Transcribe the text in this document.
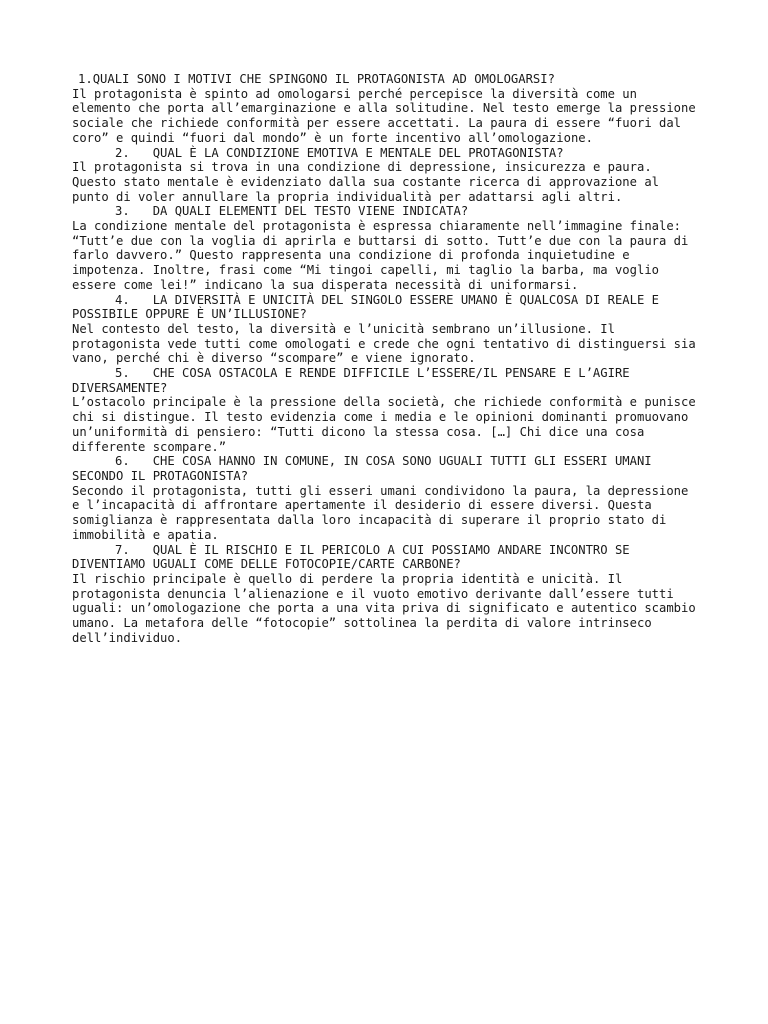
1.QUALI SONO I MOTIVI CHE SPINGONO IL PROTAGONISTA AD OMOLOGARSI?

Il protagonista è spinto ad omologarsi perché percepisce la diversità come un elemento che porta all’emarginazione e alla solitudine. Nel testo emerge la pressione sociale che richiede conformità per essere accettati. La paura di essere “fuori dal coro” e quindi “fuori dal mondo” è un forte incentivo all’omologazione.

2. QUAL È LA CONDIZIONE EMOTIVA E MENTALE DEL PROTAGONISTA?

Il protagonista si trova in una condizione di depressione, insicurezza e paura. Questo stato mentale è evidenziato dalla sua costante ricerca di approvazione al punto di voler annullare la propria individualità per adattarsi agli altri.

3. DA QUALI ELEMENTI DEL TESTO VIENE INDICATA?

La condizione mentale del protagonista è espressa chiaramente nell’immagine finale: “Tutt’e due con la voglia di aprirla e buttarsi di sotto. Tutt’e due con la paura di farlo davvero.” Questo rappresenta una condizione di profonda inquietudine e impotenza. Inoltre, frasi come “Mi tingoi capelli, mi taglio la barba, ma voglio essere come lei!” indicano la sua disperata necessità di uniformarsi.

4. LA DIVERSITÀ E UNICITÀ DEL SINGOLO ESSERE UMANO È QUALCOSA DI REALE E POSSIBILE OPPURE È UN’ILLUSIONE?

Nel contesto del testo, la diversità e l’unicità sembrano un’illusione. Il protagonista vede tutti come omologati e crede che ogni tentativo di distinguersi sia vano, perché chi è diverso “scompare” e viene ignorato.

5. CHE COSA OSTACOLA E RENDE DIFFICILE L’ESSERE/IL PENSARE E L’AGIRE DIVERSAMENTE?

L’ostacolo principale è la pressione della società, che richiede conformità e punisce chi si distingue. Il testo evidenzia come i media e le opinioni dominanti promuovano un’uniformità di pensiero: “Tutti dicono la stessa cosa. […] Chi dice una cosa differente scompare.”

6. CHE COSA HANNO IN COMUNE, IN COSA SONO UGUALI TUTTI GLI ESSERI UMANI SECONDO IL PROTAGONISTA?

Secondo il protagonista, tutti gli esseri umani condividono la paura, la depressione e l’incapacità di affrontare apertamente il desiderio di essere diversi. Questa somiglianza è rappresentata dalla loro incapacità di superare il proprio stato di immobilità e apatia.

7. QUAL È IL RISCHIO E IL PERICOLO A CUI POSSIAMO ANDARE INCONTRO SE DIVENTIAMO UGUALI COME DELLE FOTOCOPIE/CARTE CARBONE?

Il rischio principale è quello di perdere la propria identità e unicità. Il protagonista denuncia l’alienazione e il vuoto emotivo derivante dall’essere tutti uguali: un’omologazione che porta a una vita priva di significato e autentico scambio umano. La metafora delle “fotocopie” sottolinea la perdita di valore intrinseco dell’individuo.
